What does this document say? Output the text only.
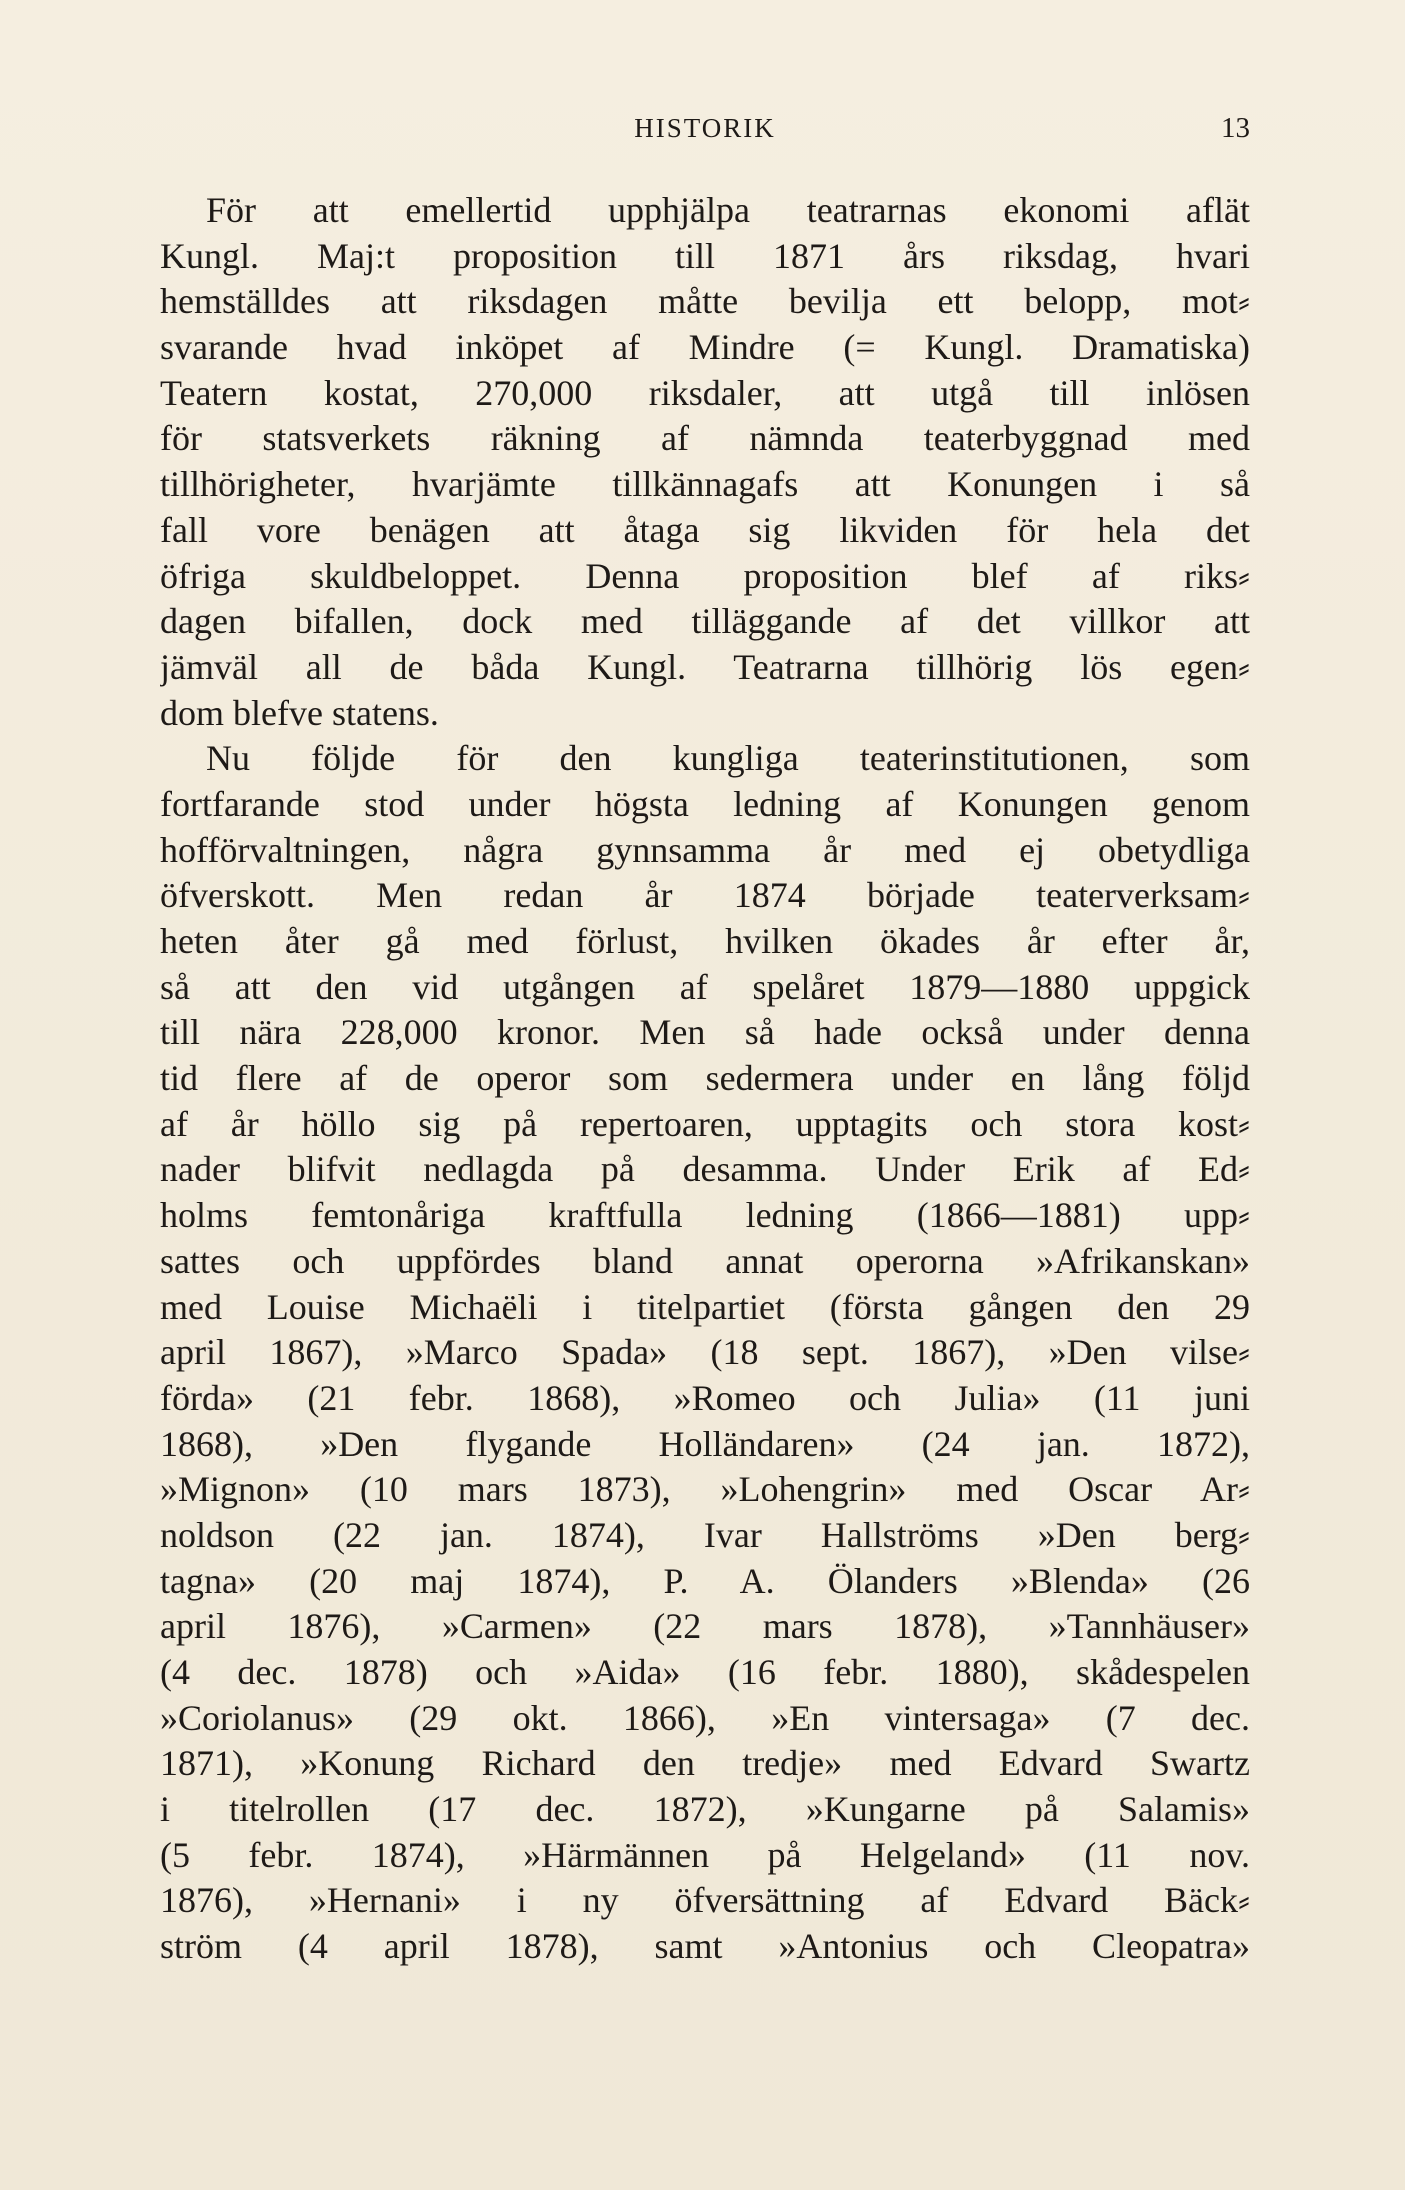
HISTORIK	13
För att emellertid upphjälpa teatrarnas ekonomi aflät
Kungl. Maj:t proposition till 1871 års riksdag, hvari
hemställdes att riksdagen måtte bevilja ett belopp, mot⸗
svarande hvad inköpet af Mindre (= Kungl. Dramatiska)
Teatern kostat, 270,000 riksdaler, att utgå till inlösen
för statsverkets räkning af nämnda teaterbyggnad med
tillhörigheter, hvarjämte tillkännagafs att Konungen i så
fall vore benägen att åtaga sig likviden för hela det
öfriga skuldbeloppet. Denna proposition blef af riks⸗
dagen bifallen, dock med tilläggande af det villkor att
jämväl all de båda Kungl. Teatrarna tillhörig lös egen⸗
dom blefve statens.
Nu följde för den kungliga teaterinstitutionen, som
fortfarande stod under högsta ledning af Konungen genom
hofförvaltningen, några gynnsamma år med ej obetydliga
öfverskott. Men redan år 1874 började teaterverksam⸗
heten åter gå med förlust, hvilken ökades år efter år,
så att den vid utgången af spelåret 1879—1880 uppgick
till nära 228,000 kronor. Men så hade också under denna
tid flere af de operor som sedermera under en lång följd
af år höllo sig på repertoaren, upptagits och stora kost⸗
nader blifvit nedlagda på desamma. Under Erik af Ed⸗
holms femtonåriga kraftfulla ledning (1866—1881) upp⸗
sattes och uppfördes bland annat operorna »Afrikanskan»
med Louise Michaëli i titelpartiet (första gången den 29
april 1867), »Marco Spada» (18 sept. 1867), »Den vilse⸗
förda» (21 febr. 1868), »Romeo och Julia» (11 juni
1868), »Den flygande Holländaren» (24 jan. 1872),
»Mignon» (10 mars 1873), »Lohengrin» med Oscar Ar⸗
noldson (22 jan. 1874), Ivar Hallströms »Den berg⸗
tagna» (20 maj 1874), P. A. Ölanders »Blenda» (26
april 1876), »Carmen» (22 mars 1878), »Tannhäuser»
(4 dec. 1878) och »Aida» (16 febr. 1880), skådespelen
»Coriolanus» (29 okt. 1866), »En vintersaga» (7 dec.
1871), »Konung Richard den tredje» med Edvard Swartz
i titelrollen (17 dec. 1872), »Kungarne på Salamis»
(5 febr. 1874), »Härmännen på Helgeland» (11 nov.
1876), »Hernani» i ny öfversättning af Edvard Bäck⸗
ström (4 april 1878), samt »Antonius och Cleopatra»
